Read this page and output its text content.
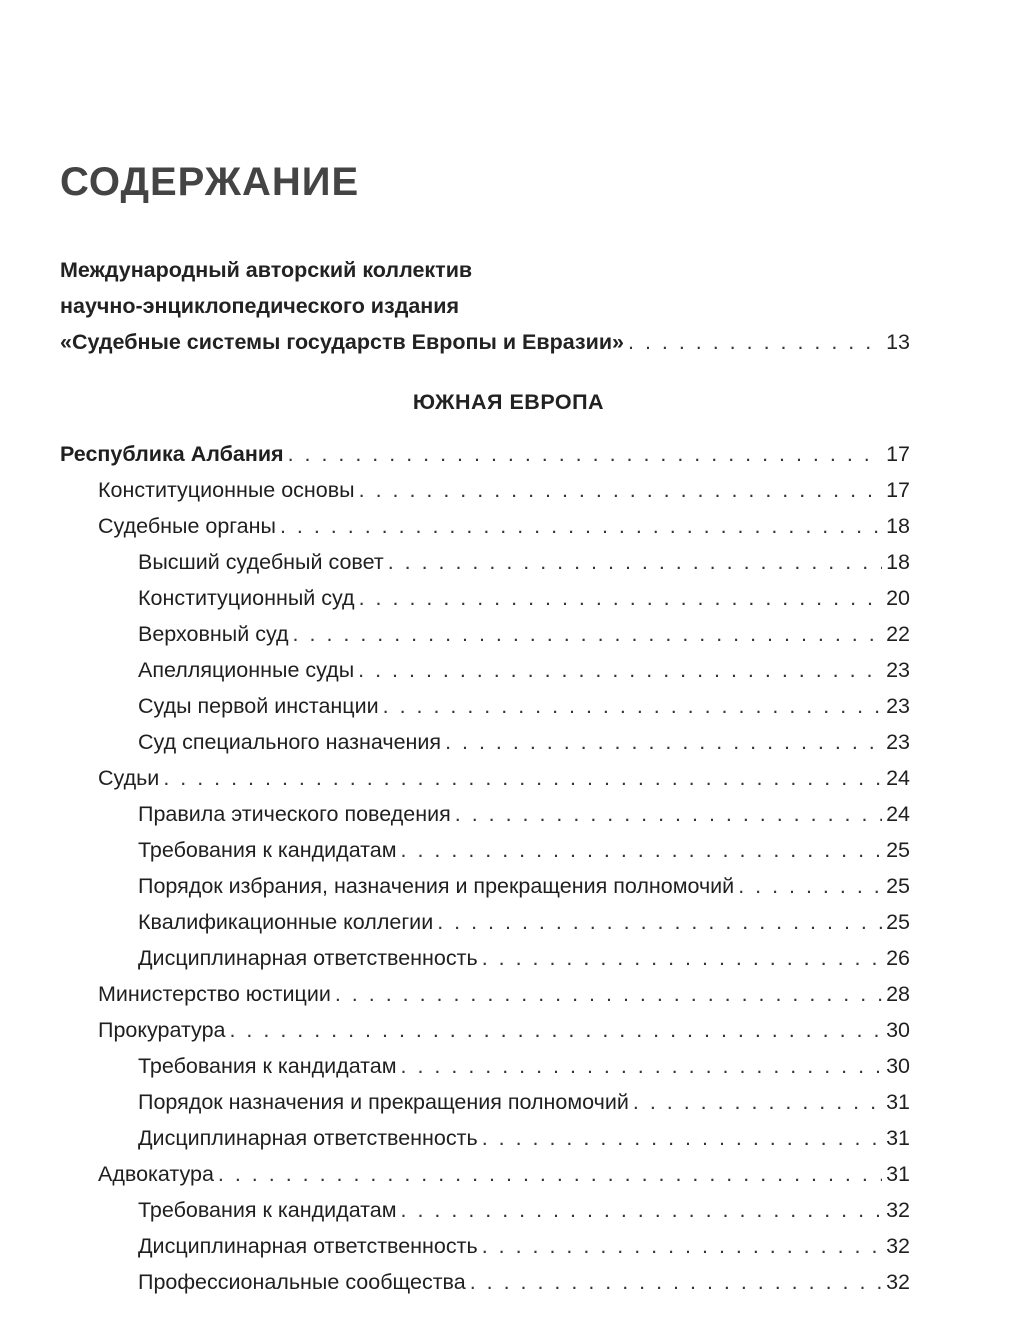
СОДЕРЖАНИЕ
Международный авторский коллектив
научно-энциклопедического издания
«Судебные системы государств Европы и Евразии» . . .	13
ЮЖНАЯ ЕВРОПА
Республика Албания . . .	17
Конституционные основы . . .	17
Судебные органы . . .	18
Высший судебный совет . . .	18
Конституционный суд . . .	20
Верховный суд . . .	22
Апелляционные суды . . .	23
Суды первой инстанции . . .	23
Суд специального назначения . . .	23
Судьи . . .	24
Правила этического поведения . . .	24
Требования к кандидатам . . .	25
Порядок избрания, назначения и прекращения полномочий . . .	25
Квалификационные коллегии . . .	25
Дисциплинарная ответственность . . .	26
Министерство юстиции . . .	28
Прокуратура . . .	30
Требования к кандидатам . . .	30
Порядок назначения и прекращения полномочий . . .	31
Дисциплинарная ответственность . . .	31
Адвокатура . . .	31
Требования к кандидатам . . .	32
Дисциплинарная ответственность . . .	32
Профессиональные сообщества . . .	32
